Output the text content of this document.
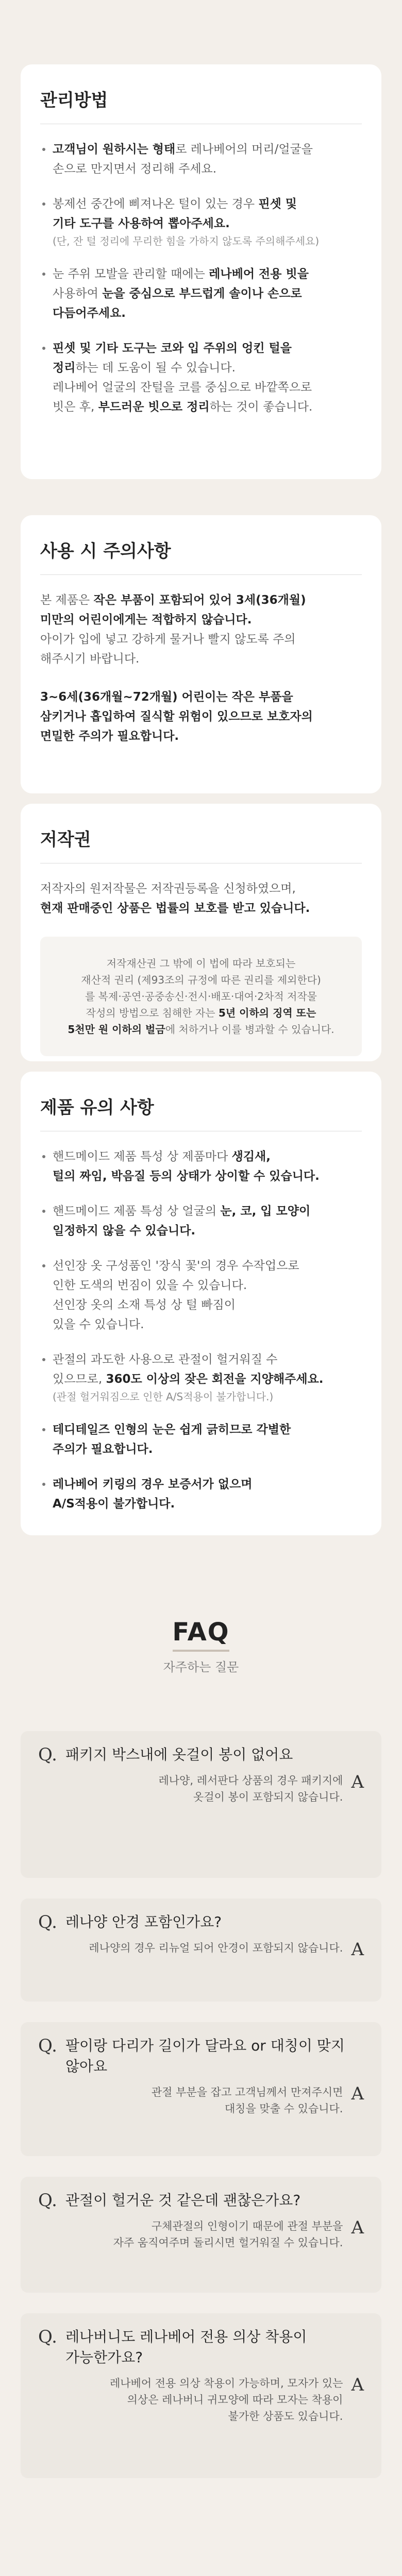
관리방법
고객님이 원하시는 형태로 레나베어의 머리/얼굴을
손으로 만지면서 정리해 주세요.
봉제선 중간에 삐져나온 털이 있는 경우 핀셋 및
기타 도구를 사용하여 뽑아주세요.
(단, 잔 털 정리에 무리한 힘을 가하지 않도록 주의해주세요)
눈 주위 모발을 관리할 때에는 레나베어 전용 빗을
사용하여 눈을 중심으로 부드럽게 솔이나 손으로
다듬어주세요.
핀셋 및 기타 도구는 코와 입 주위의 엉킨 털을
정리하는 데 도움이 될 수 있습니다.
레나베어 얼굴의 잔털을 코를 중심으로 바깥쪽으로
빗은 후, 부드러운 빗으로 정리하는 것이 좋습니다.
사용 시 주의사항
본 제품은 작은 부품이 포함되어 있어 3세(36개월)
미만의 어린이에게는 적합하지 않습니다.
아이가 입에 넣고 강하게 물거나 빨지 않도록 주의
해주시기 바랍니다.
3~6세(36개월~72개월) 어린이는 작은 부품을
삼키거나 흡입하여 질식할 위험이 있으므로 보호자의
면밀한 주의가 필요합니다.
저작권
저작자의 원저작물은 저작권등록을 신청하였으며,
현재 판매중인 상품은 법률의 보호를 받고 있습니다.
저작재산권 그 밖에 이 법에 따라 보호되는
재산적 권리 (제93조의 규정에 따른 권리를 제외한다)
를 복제·공연·공중송신·전시·배포·대여·2차적 저작물
작성의 방법으로 침해한 자는 5년 이하의 징역 또는
5천만 원 이하의 벌금에 처하거나 이를 병과할 수 있습니다.
제품 유의 사항
핸드메이드 제품 특성 상 제품마다 생김새,
털의 짜임, 박음질 등의 상태가 상이할 수 있습니다.
핸드메이드 제품 특성 상 얼굴의 눈, 코, 입 모양이
일정하지 않을 수 있습니다.
선인장 옷 구성품인 '장식 꽃'의 경우 수작업으로
인한 도색의 번짐이 있을 수 있습니다.
선인장 옷의 소재 특성 상 털 빠짐이
있을 수 있습니다.
관절의 과도한 사용으로 관절이 헐거워질 수
있으므로, 360도 이상의 잦은 회전을 지양해주세요.
(관절 헐거워짐으로 인한 A/S적용이 불가합니다.)
테디테일즈 인형의 눈은 쉽게 긁히므로 각별한
주의가 필요합니다.
레나베어 키링의 경우 보증서가 없으며
A/S적용이 불가합니다.
FAQ
자주하는 질문
Q. 패키지 박스내에 옷걸이 봉이 없어요
레나양, 레서판다 상품의 경우 패키지에
옷걸이 봉이 포함되지 않습니다.
A
Q. 레나양 안경 포함인가요?
레나양의 경우 리뉴얼 되어 안경이 포함되지 않습니다. A
Q. 팔이랑 다리가 길이가 달라요 or 대칭이 맞지
않아요
관절 부분을 잡고 고객님께서 만져주시면
대칭을 맞출 수 있습니다.
A
Q. 관절이 헐거운 것 같은데 괜찮은가요?
구체관절의 인형이기 때문에 관절 부분을
자주 움직여주며 돌리시면 헐거워질 수 있습니다.
A
Q. 레나버니도 레나베어 전용 의상 착용이
가능한가요?
레나베어 전용 의상 착용이 가능하며, 모자가 있는
의상은 레나버니 귀모양에 따라 모자는 착용이
불가한 상품도 있습니다.
A
